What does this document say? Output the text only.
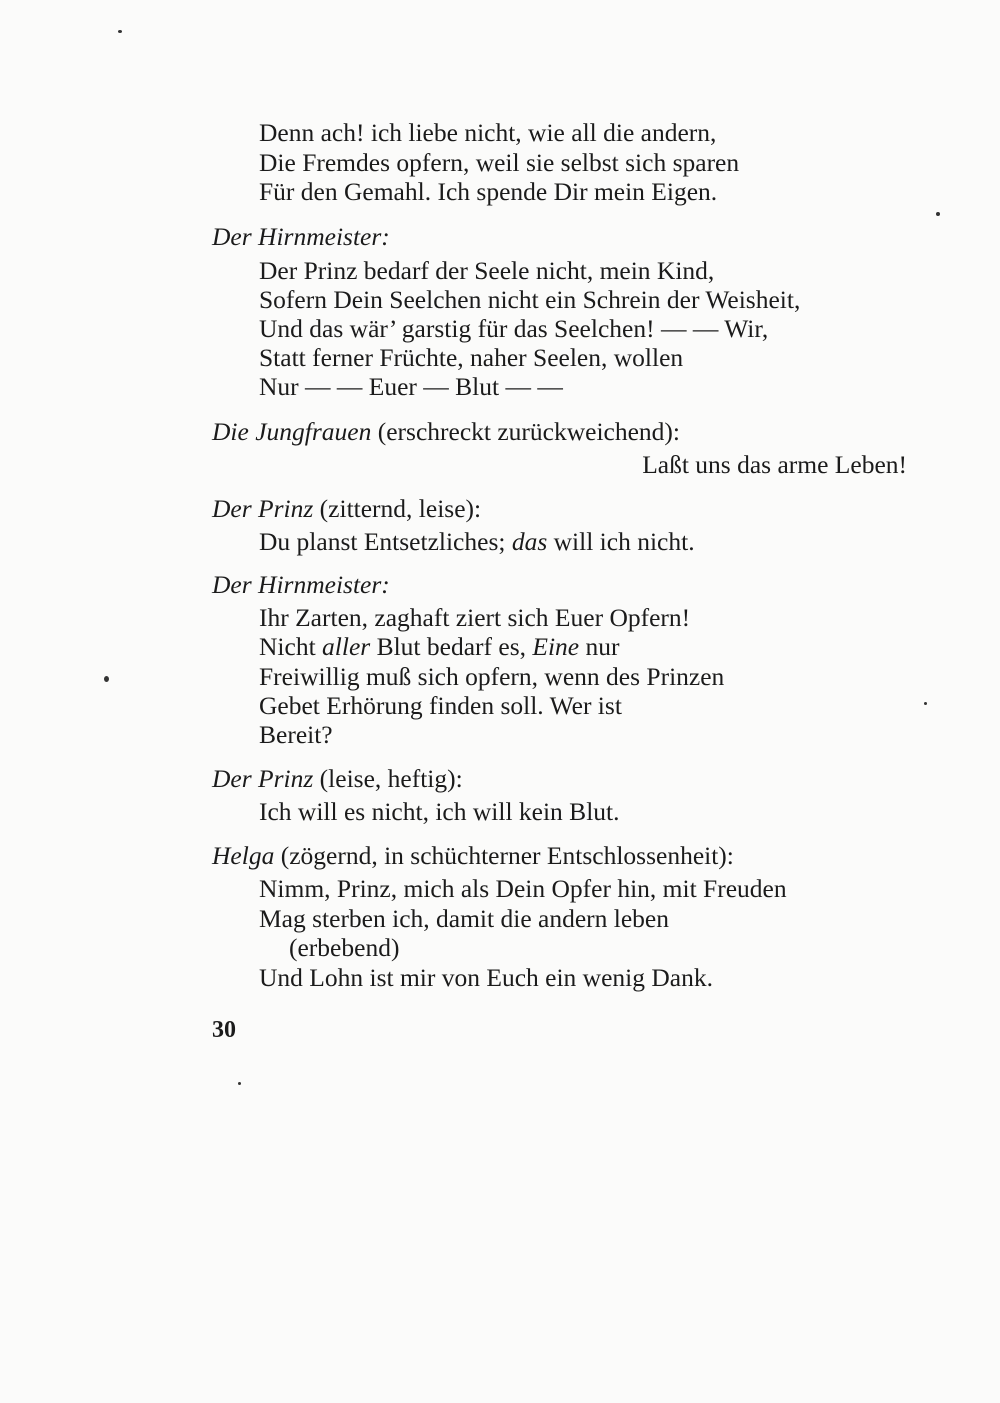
Denn ach! ich liebe nicht, wie all die andern,
Die Fremdes opfern, weil sie selbst sich sparen
Für den Gemahl. Ich spende Dir mein Eigen.
Der Hirnmeister:
Der Prinz bedarf der Seele nicht, mein Kind,
Sofern Dein Seelchen nicht ein Schrein der Weisheit,
Und das wär’ garstig für das Seelchen! — — Wir,
Statt ferner Früchte, naher Seelen, wollen
Nur — — Euer — Blut — —
Die Jungfrauen (erschreckt zurückweichend):
Laßt uns das arme Leben!
Der Prinz (zitternd, leise):
Du planst Entsetzliches; das will ich nicht.
Der Hirnmeister:
Ihr Zarten, zaghaft ziert sich Euer Opfern!
Nicht aller Blut bedarf es, Eine nur
Freiwillig muß sich opfern, wenn des Prinzen
Gebet Erhörung finden soll. Wer ist
Bereit?
Der Prinz (leise, heftig):
Ich will es nicht, ich will kein Blut.
Helga (zögernd, in schüchterner Entschlossenheit):
Nimm, Prinz, mich als Dein Opfer hin, mit Freuden
Mag sterben ich, damit die andern leben
(erbebend)
Und Lohn ist mir von Euch ein wenig Dank.
30
